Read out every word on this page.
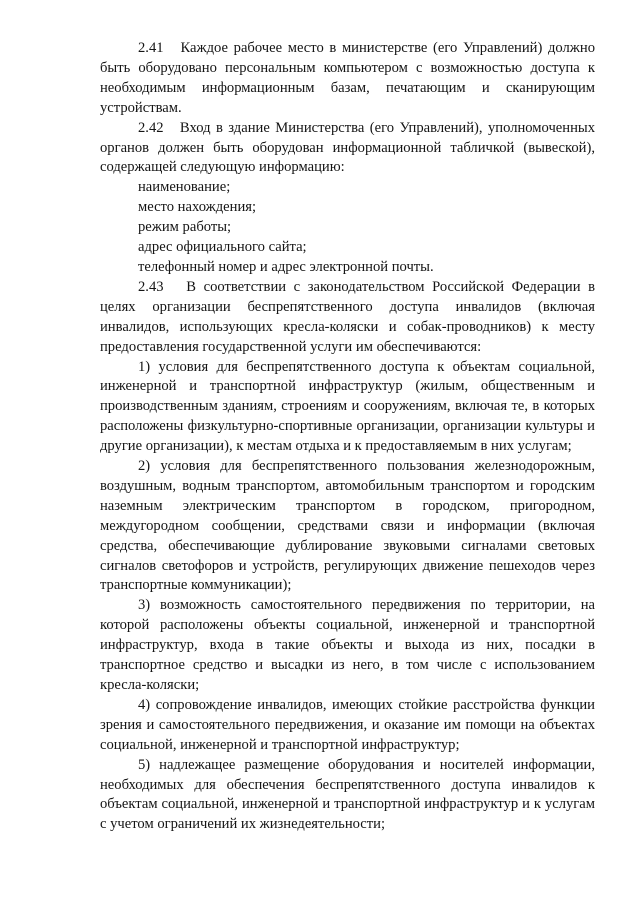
2.41   Каждое рабочее место в министерстве (его Управлений) должно быть оборудовано персональным компьютером с возможностью доступа к необходимым информационным базам, печатающим и сканирующим устройствам.

2.42   Вход в здание Министерства (его Управлений), уполномоченных органов должен быть оборудован информационной табличкой (вывеской), содержащей следующую информацию:

наименование;

место нахождения;

режим работы;

адрес официального сайта;

телефонный номер и адрес электронной почты.

2.43   В соответствии с законодательством Российской Федерации в целях организации беспрепятственного доступа инвалидов (включая инвалидов, использующих кресла-коляски и собак-проводников) к месту предоставления государственной услуги им обеспечиваются:

1) условия для беспрепятственного доступа к объектам социальной, инженерной и транспортной инфраструктур (жилым, общественным и производственным зданиям, строениям и сооружениям, включая те, в которых расположены физкультурно-спортивные организации, организации культуры и другие организации), к местам отдыха и к предоставляемым в них услугам;

2) условия для беспрепятственного пользования железнодорожным, воздушным, водным транспортом, автомобильным транспортом и городским наземным электрическим транспортом в городском, пригородном, междугородном сообщении, средствами связи и информации (включая средства, обеспечивающие дублирование звуковыми сигналами световых сигналов светофоров и устройств, регулирующих движение пешеходов через транспортные коммуникации);

3) возможность самостоятельного передвижения по территории, на которой расположены объекты социальной, инженерной и транспортной инфраструктур, входа в такие объекты и выхода из них, посадки в транспортное средство и высадки из него, в том числе с использованием кресла-коляски;

4) сопровождение инвалидов, имеющих стойкие расстройства функции зрения и самостоятельного передвижения, и оказание им помощи на объектах социальной, инженерной и транспортной инфраструктур;

5) надлежащее размещение оборудования и носителей информации, необходимых для обеспечения беспрепятственного доступа инвалидов к объектам социальной, инженерной и транспортной инфраструктур и к услугам с учетом ограничений их жизнедеятельности;
